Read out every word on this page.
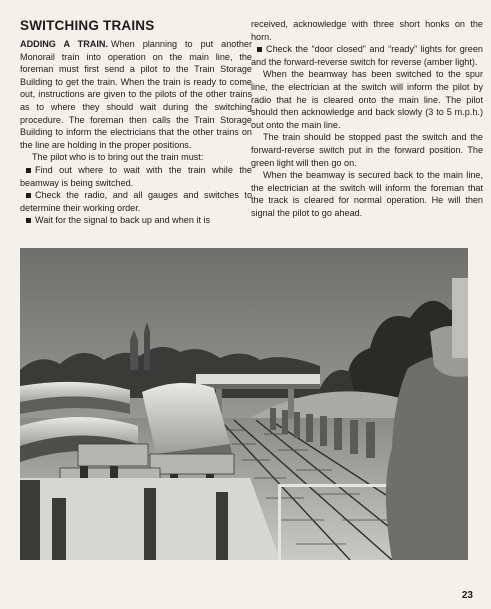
SWITCHING TRAINS

ADDING A TRAIN. When planning to put another Monorail train into operation on the main line, the foreman must first send a pilot to the Train Storage Building to get the train. When the train is ready to come out, instructions are given to the pilots of the other trains as to where they should wait during the switching procedure. The foreman then calls the Train Storage Building to inform the electricians that the other trains on the line are holding in the proper positions.

The pilot who is to bring out the train must:

Find out where to wait with the train while the beamway is being switched.

Check the radio, and all gauges and switches to determine their working order.

Wait for the signal to back up and when it is

received, acknowledge with three short honks on the horn.

Check the “door closed” and “ready” lights for green and the forward-reverse switch for reverse (amber light).

When the beamway has been switched to the spur line, the electrician at the switch will inform the pilot by radio that he is cleared onto the main line. The pilot should then acknowledge and back slowly (3 to 5 m.p.h.) out onto the main line.

The train should be stopped past the switch and the forward-reverse switch put in the forward position. The green light will then go on.

When the beamway is secured back to the main line, the electrician at the switch will inform the foreman that the track is cleared for normal operation. He will then signal the pilot to go ahead.

23
